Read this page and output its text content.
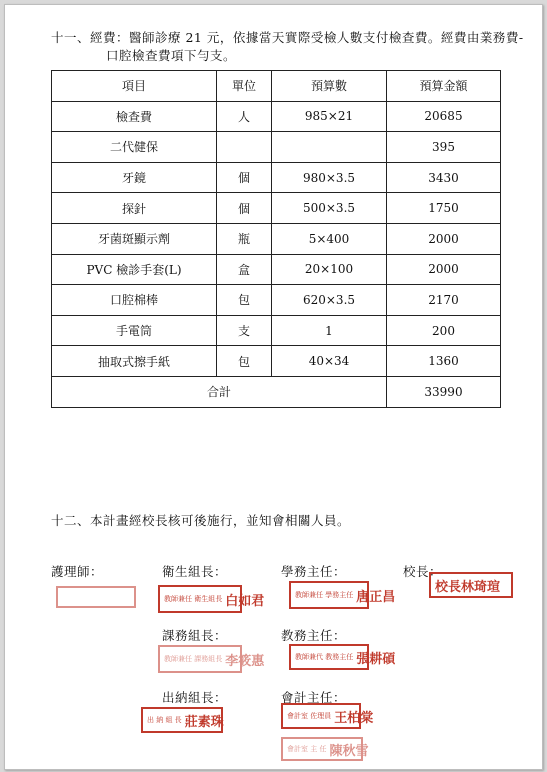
十一、經費：醫師診療 21 元，依據當天實際受檢人數支付檢查費。經費由業務費-
口腔檢查費項下勻支。
項目	單位	預算數	預算金額
檢查費	人	985×21	20685
二代健保			395
牙鏡	個	980×3.5	3430
探針	個	500×3.5	1750
牙菌斑顯示劑	瓶	5×400	2000
PVC 檢診手套(L)	盒	20×100	2000
口腔棉棒	包	620×3.5	2170
手電筒	支	1	200
抽取式擦手紙	包	40×34	1360
合計			33990
十二、本計畫經校長核可後施行，並知會相關人員。
護理師：	衛生組長：	學務主任：	校長：
課務組長：	教務主任：
出納組長：	會計主任：
教師兼任 衛生組長 白如君	教師兼任 學務主任 唐正昌
校長林琦瑄
教師兼任 課務組長 李筱惠	教師兼代 教務主任 張耕碩
出 納 組 長 莊素珠	會計室 佐理員 王柏棠
會計室 主 任 陳秋雪
